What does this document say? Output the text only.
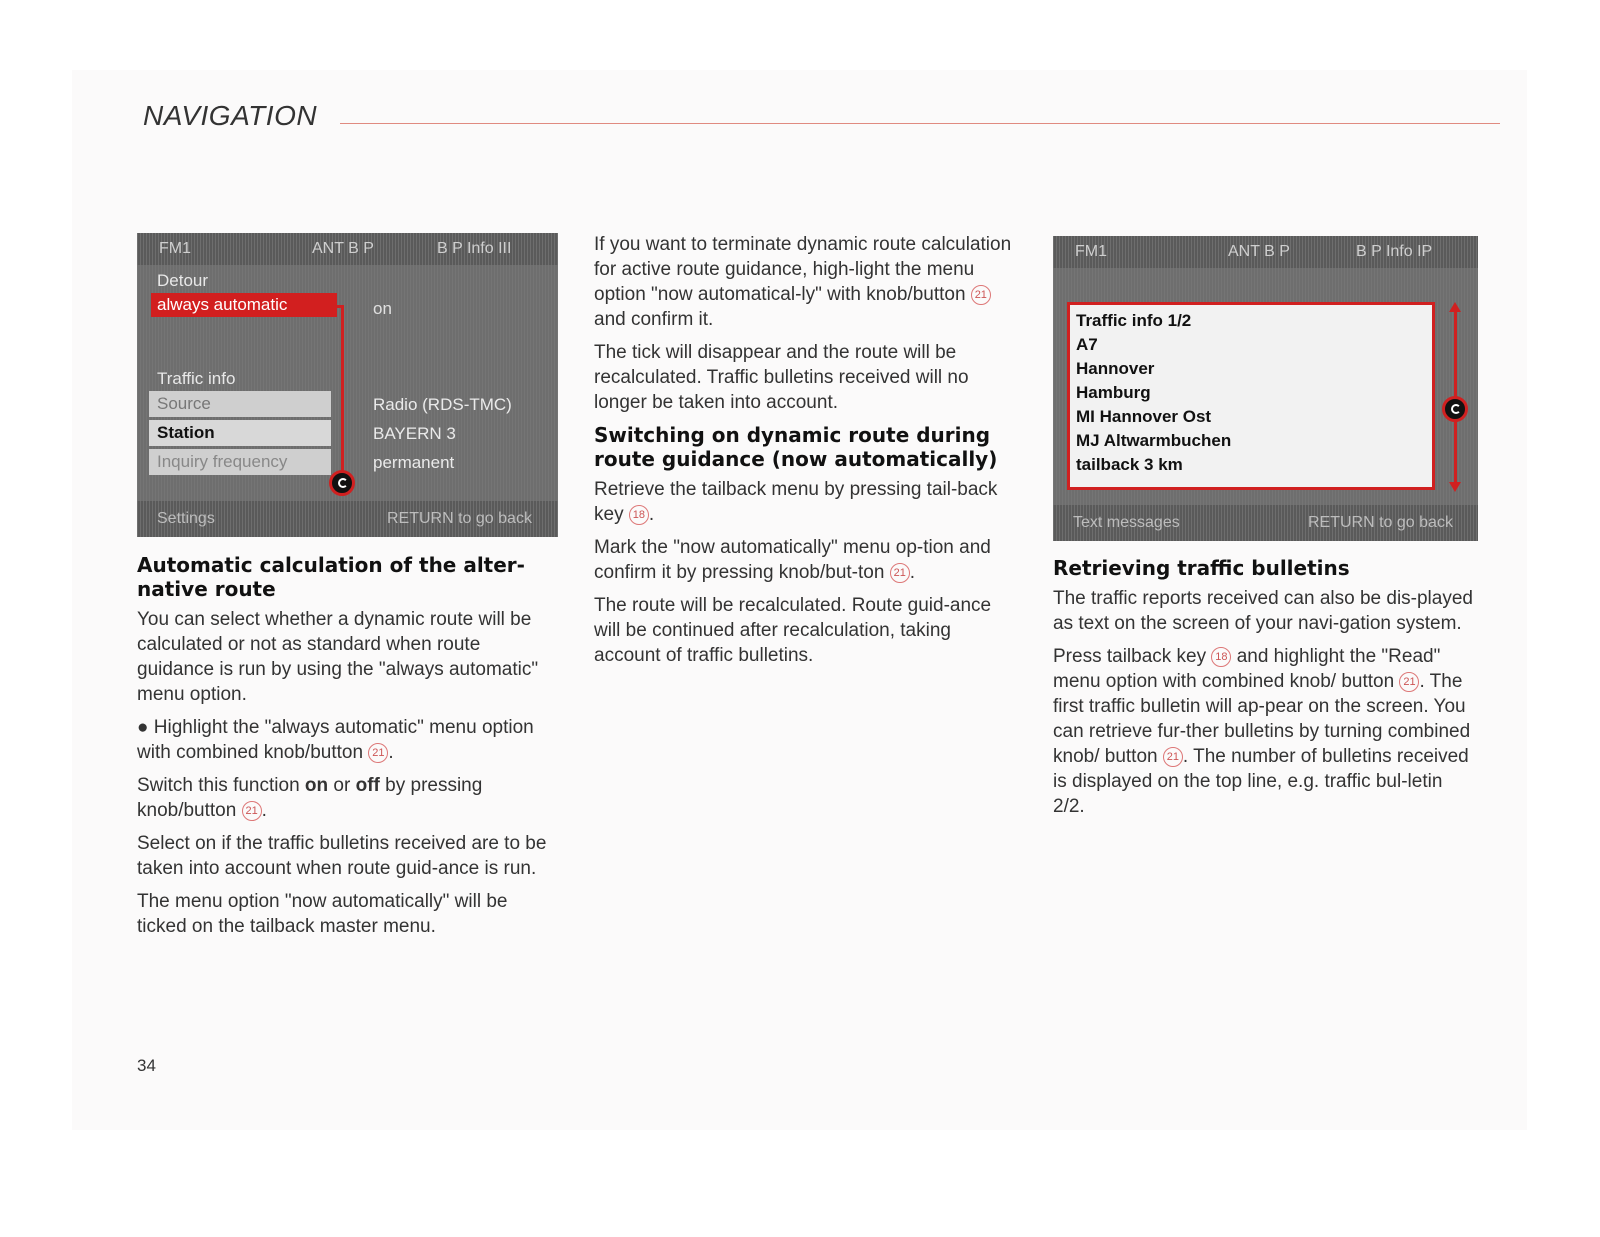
NAVIGATION
FM1	ANT B P	B P Info III
Detour
always automatic	on
Traffic info
Source	Radio (RDS-TMC)
Station	BAYERN 3
Inquiry frequency	permanent
Settings	RETURN to go back
FM1	ANT B P	B P Info IP
Traffic info 1/2
A7
Hannover
Hamburg
MI Hannover Ost
MJ Altwarmbuchen
tailback 3 km
Text messages	RETURN to go back
Automatic calculation of the alter-native route

You can select whether a dynamic route will be calculated or not as standard when route guidance is run by using the "always automatic" menu option.

● Highlight the "always automatic" menu option with combined knob/button 21 .

Switch this function on or off by pressing knob/button 21 .

Select on if the traffic bulletins received are to be taken into account when route guid-ance is run.

The menu option "now automatically" will be ticked on the tailback master menu.

If you want to terminate dynamic route calculation for active route guidance, high-light the menu option "now automatical-ly" with knob/button 21 and confirm it.

The tick will disappear and the route will be recalculated. Traffic bulletins received will no longer be taken into account.

Switching on dynamic route during route guidance (now automatically)

Retrieve the tailback menu by pressing tail-back key 18 .

Mark the "now automatically" menu op-tion and confirm it by pressing knob/but-ton 21 .

The route will be recalculated. Route guid-ance will be continued after recalculation, taking account of traffic bulletins.

Retrieving traffic bulletins

The traffic reports received can also be dis-played as text on the screen of your navi-gation system.

Press tailback key 18 and highlight the "Read" menu option with combined knob/ button 21 . The first traffic bulletin will ap-pear on the screen. You can retrieve fur-ther bulletins by turning combined knob/ button 21 . The number of bulletins received is displayed on the top line, e.g. traffic bul-letin 2/2.

34
